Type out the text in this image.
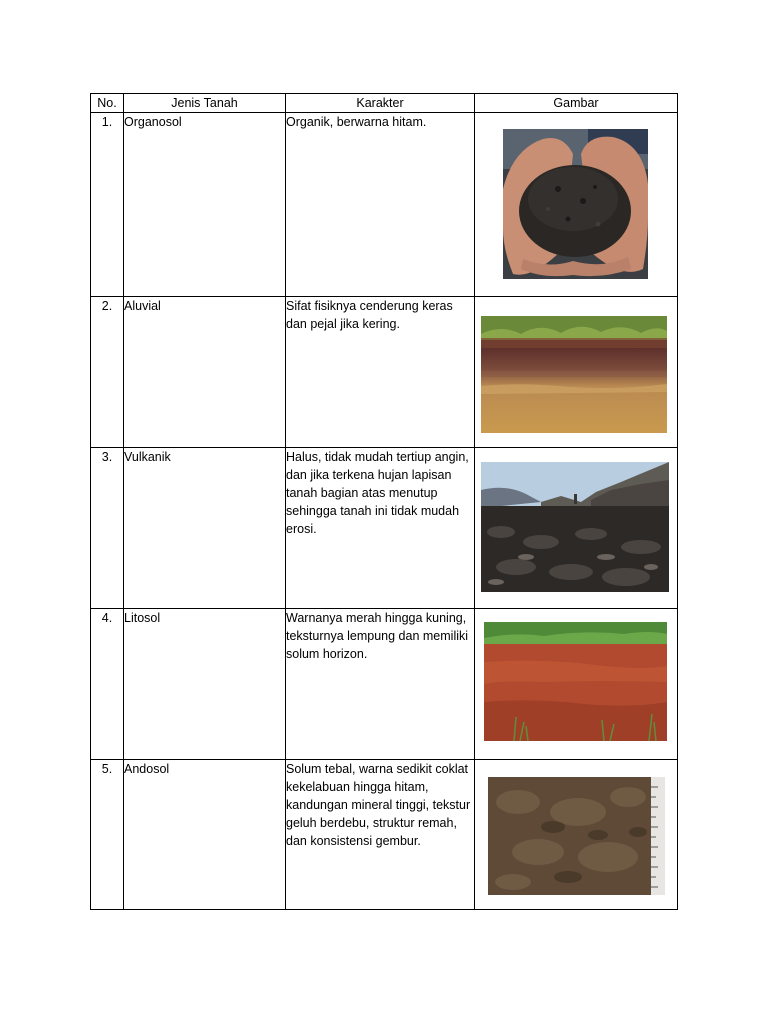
No.	Jenis Tanah	Karakter	Gambar
1.	Organosol	Organik, berwarna hitam.	

2.	Aluvial	Sifat fisiknya cenderung keras dan pejal jika kering.	

3.	Vulkanik	Halus, tidak mudah tertiup angin, dan jika terkena hujan lapisan tanah bagian atas menutup sehingga tanah ini tidak mudah erosi.	

4.	Litosol	Warnanya merah hingga kuning, teksturnya lempung dan memiliki solum horizon.	

5.	Andosol	Solum tebal, warna sedikit coklat kekelabuan hingga hitam, kandungan mineral tinggi, tekstur geluh berdebu, struktur remah, dan konsistensi gembur.	
